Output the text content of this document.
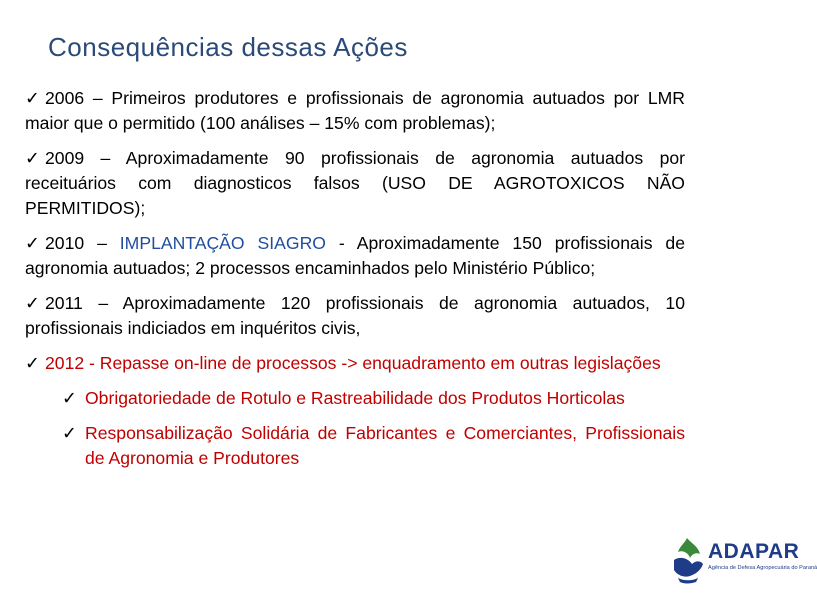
Consequências dessas Ações
✓ 2006 – Primeiros produtores e profissionais de agronomia autuados por LMR maior que o permitido (100 análises – 15% com problemas);
✓ 2009 – Aproximadamente 90 profissionais de agronomia autuados por receituários com diagnosticos falsos (USO DE AGROTOXICOS NÃO PERMITIDOS);
✓ 2010 – IMPLANTAÇÃO SIAGRO - Aproximadamente 150 profissionais de agronomia autuados; 2 processos encaminhados pelo Ministério Público;
✓ 2011 – Aproximadamente 120 profissionais de agronomia autuados, 10 profissionais indiciados em inquéritos civis,
✓ 2012 - Repasse on-line de processos -> enquadramento em outras legislações
✓ Obrigatoriedade de Rotulo e Rastreabilidade dos Produtos Horticolas
✓ Responsabilização Solidária de Fabricantes e Comerciantes, Profissionais de Agronomia e Produtores
ADAPAR
Agência de Defesa Agropecuária do Paraná
